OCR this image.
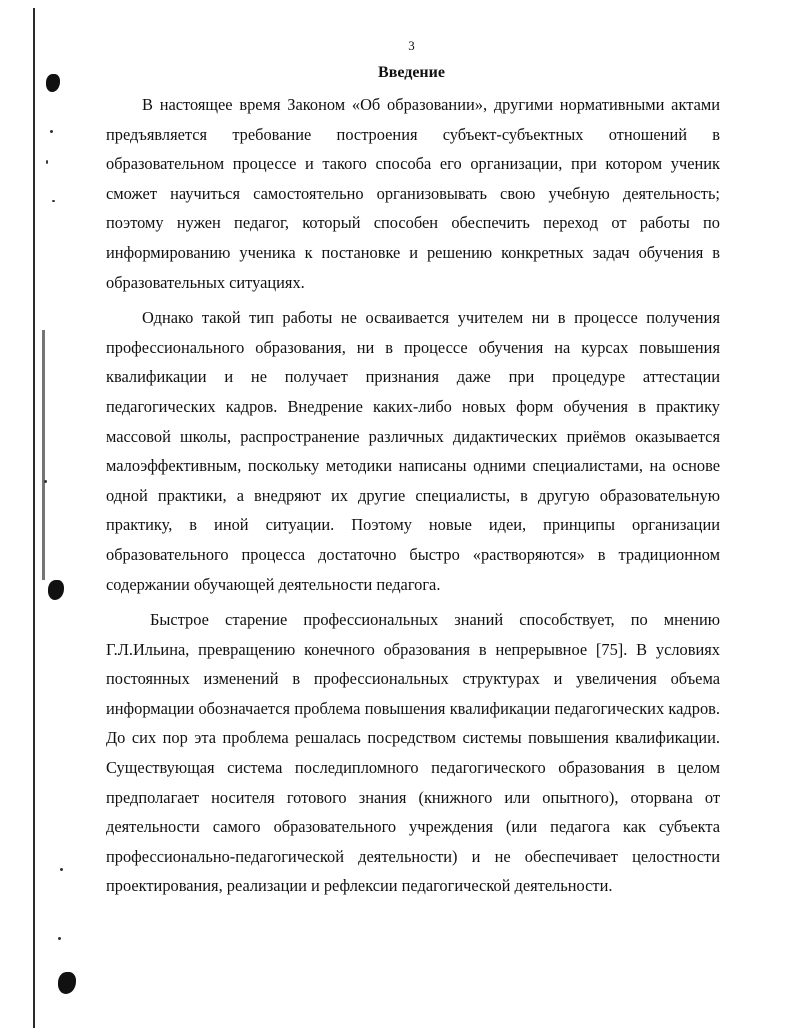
3
Введение

В настоящее время Законом «Об образовании», другими нормативными актами предъявляется требование построения субъект-субъектных отношений в образовательном процессе и такого способа его организации, при котором ученик сможет научиться самостоятельно организовывать свою учебную деятельность; поэтому нужен педагог, который способен обеспечить переход от работы по информированию ученика к постановке и решению конкретных задач обучения в образовательных ситуациях.

Однако такой тип работы не осваивается учителем ни в процессе получения профессионального образования, ни в процессе обучения на курсах повышения квалификации и не получает признания даже при процедуре аттестации педагогических кадров. Внедрение каких-либо новых форм обучения в практику массовой школы, распространение различных дидактических приёмов оказывается малоэффективным, поскольку методики написаны одними специалистами, на основе одной практики, а внедряют их другие специалисты, в другую образовательную практику, в иной ситуации. Поэтому новые идеи, принципы организации образовательного процесса достаточно быстро «растворяются» в традиционном содержании обучающей деятельности педагога.

Быстрое старение профессиональных знаний способствует, по мнению Г.Л.Ильина, превращению конечного образования в непрерывное [75]. В условиях постоянных изменений в профессиональных структурах и увеличения объема информации обозначается проблема повышения квалификации педагогических кадров. До сих пор эта проблема решалась посредством системы повышения квалификации. Существующая система последипломного педагогического образования в целом предполагает носителя готового знания (книжного или опытного), оторвана от деятельности самого образовательного учреждения (или педагога как субъекта профессионально-педагогической деятельности) и не обеспечивает целостности проектирования, реализации и рефлексии педагогической деятельности.
